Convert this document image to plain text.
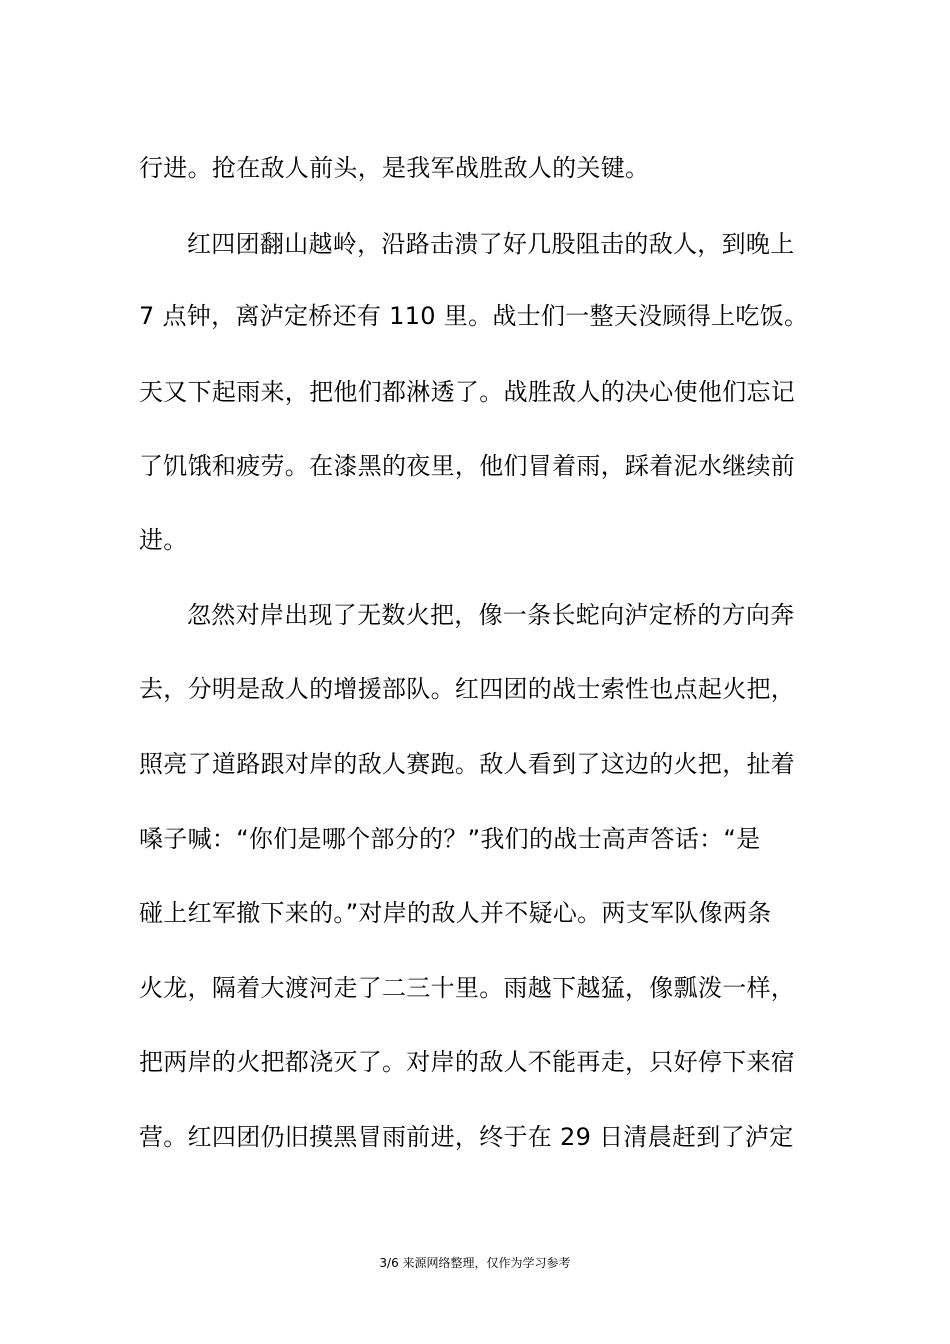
行进。抢在敌人前头，是我军战胜敌人的关键。
红四团翻山越岭，沿路击溃了好几股阻击的敌人，到晚上
7 点钟，离泸定桥还有 110 里。战士们一整天没顾得上吃饭。
天又下起雨来，把他们都淋透了。战胜敌人的决心使他们忘记
了饥饿和疲劳。在漆黑的夜里，他们冒着雨，踩着泥水继续前
进。
忽然对岸出现了无数火把，像一条长蛇向泸定桥的方向奔
去，分明是敌人的增援部队。红四团的战士索性也点起火把，
照亮了道路跟对岸的敌人赛跑。敌人看到了这边的火把，扯着
嗓子喊：“你们是哪个部分的？”我们的战士高声答话：“是
碰上红军撤下来的。”对岸的敌人并不疑心。两支军队像两条
火龙，隔着大渡河走了二三十里。雨越下越猛，像瓢泼一样，
把两岸的火把都浇灭了。对岸的敌人不能再走，只好停下来宿
营。红四团仍旧摸黑冒雨前进，终于在 29 日清晨赶到了泸定
3/6 来源网络整理，仅作为学习参考
